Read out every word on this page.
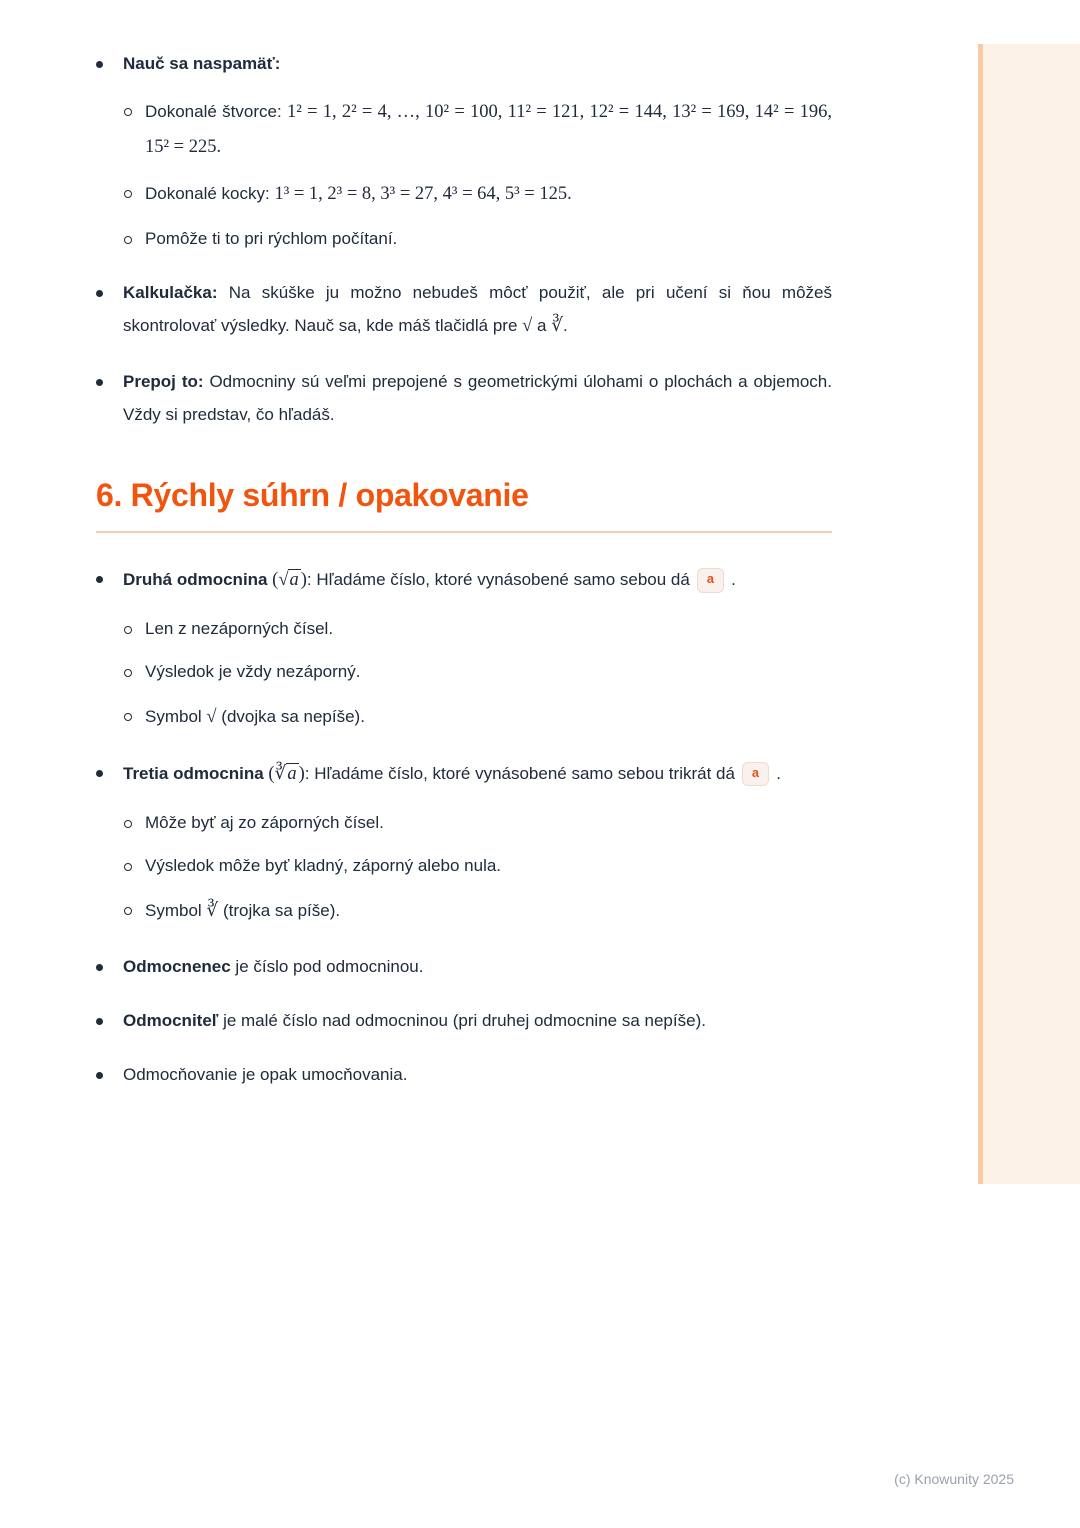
Nauč sa naspamäť:
Dokonalé štvorce: 1² = 1, 2² = 4, …, 10² = 100, 11² = 121, 12² = 144, 13² = 169, 14² = 196, 15² = 225.
Dokonalé kocky: 1³ = 1, 2³ = 8, 3³ = 27, 4³ = 64, 5³ = 125.
Pomôže ti to pri rýchlom počítaní.
Kalkulačka: Na skúške ju možno nebudeš môcť použiť, ale pri učení si ňou môžeš skontrolovať výsledky. Nauč sa, kde máš tlačidlá pre √ a ∛.
Prepoj to: Odmocniny sú veľmi prepojené s geometrickými úlohami o plochách a objemoch. Vždy si predstav, čo hľadáš.
6. Rýchly súhrn / opakovanie
Druhá odmocnina (√a ): Hľadáme číslo, ktoré vynásobené samo sebou dá a .
Len z nezáporných čísel.
Výsledok je vždy nezáporný.
Symbol √ (dvojka sa nepíše).
Tretia odmocnina (∛a ): Hľadáme číslo, ktoré vynásobené samo sebou trikrát dá a .
Môže byť aj zo záporných čísel.
Výsledok môže byť kladný, záporný alebo nula.
Symbol ∛ (trojka sa píše).
Odmocnenec je číslo pod odmocninou.
Odmocniteľ je malé číslo nad odmocninou (pri druhej odmocnine sa nepíše).
Odmocňovanie je opak umocňovania.
(c) Knowunity 2025
